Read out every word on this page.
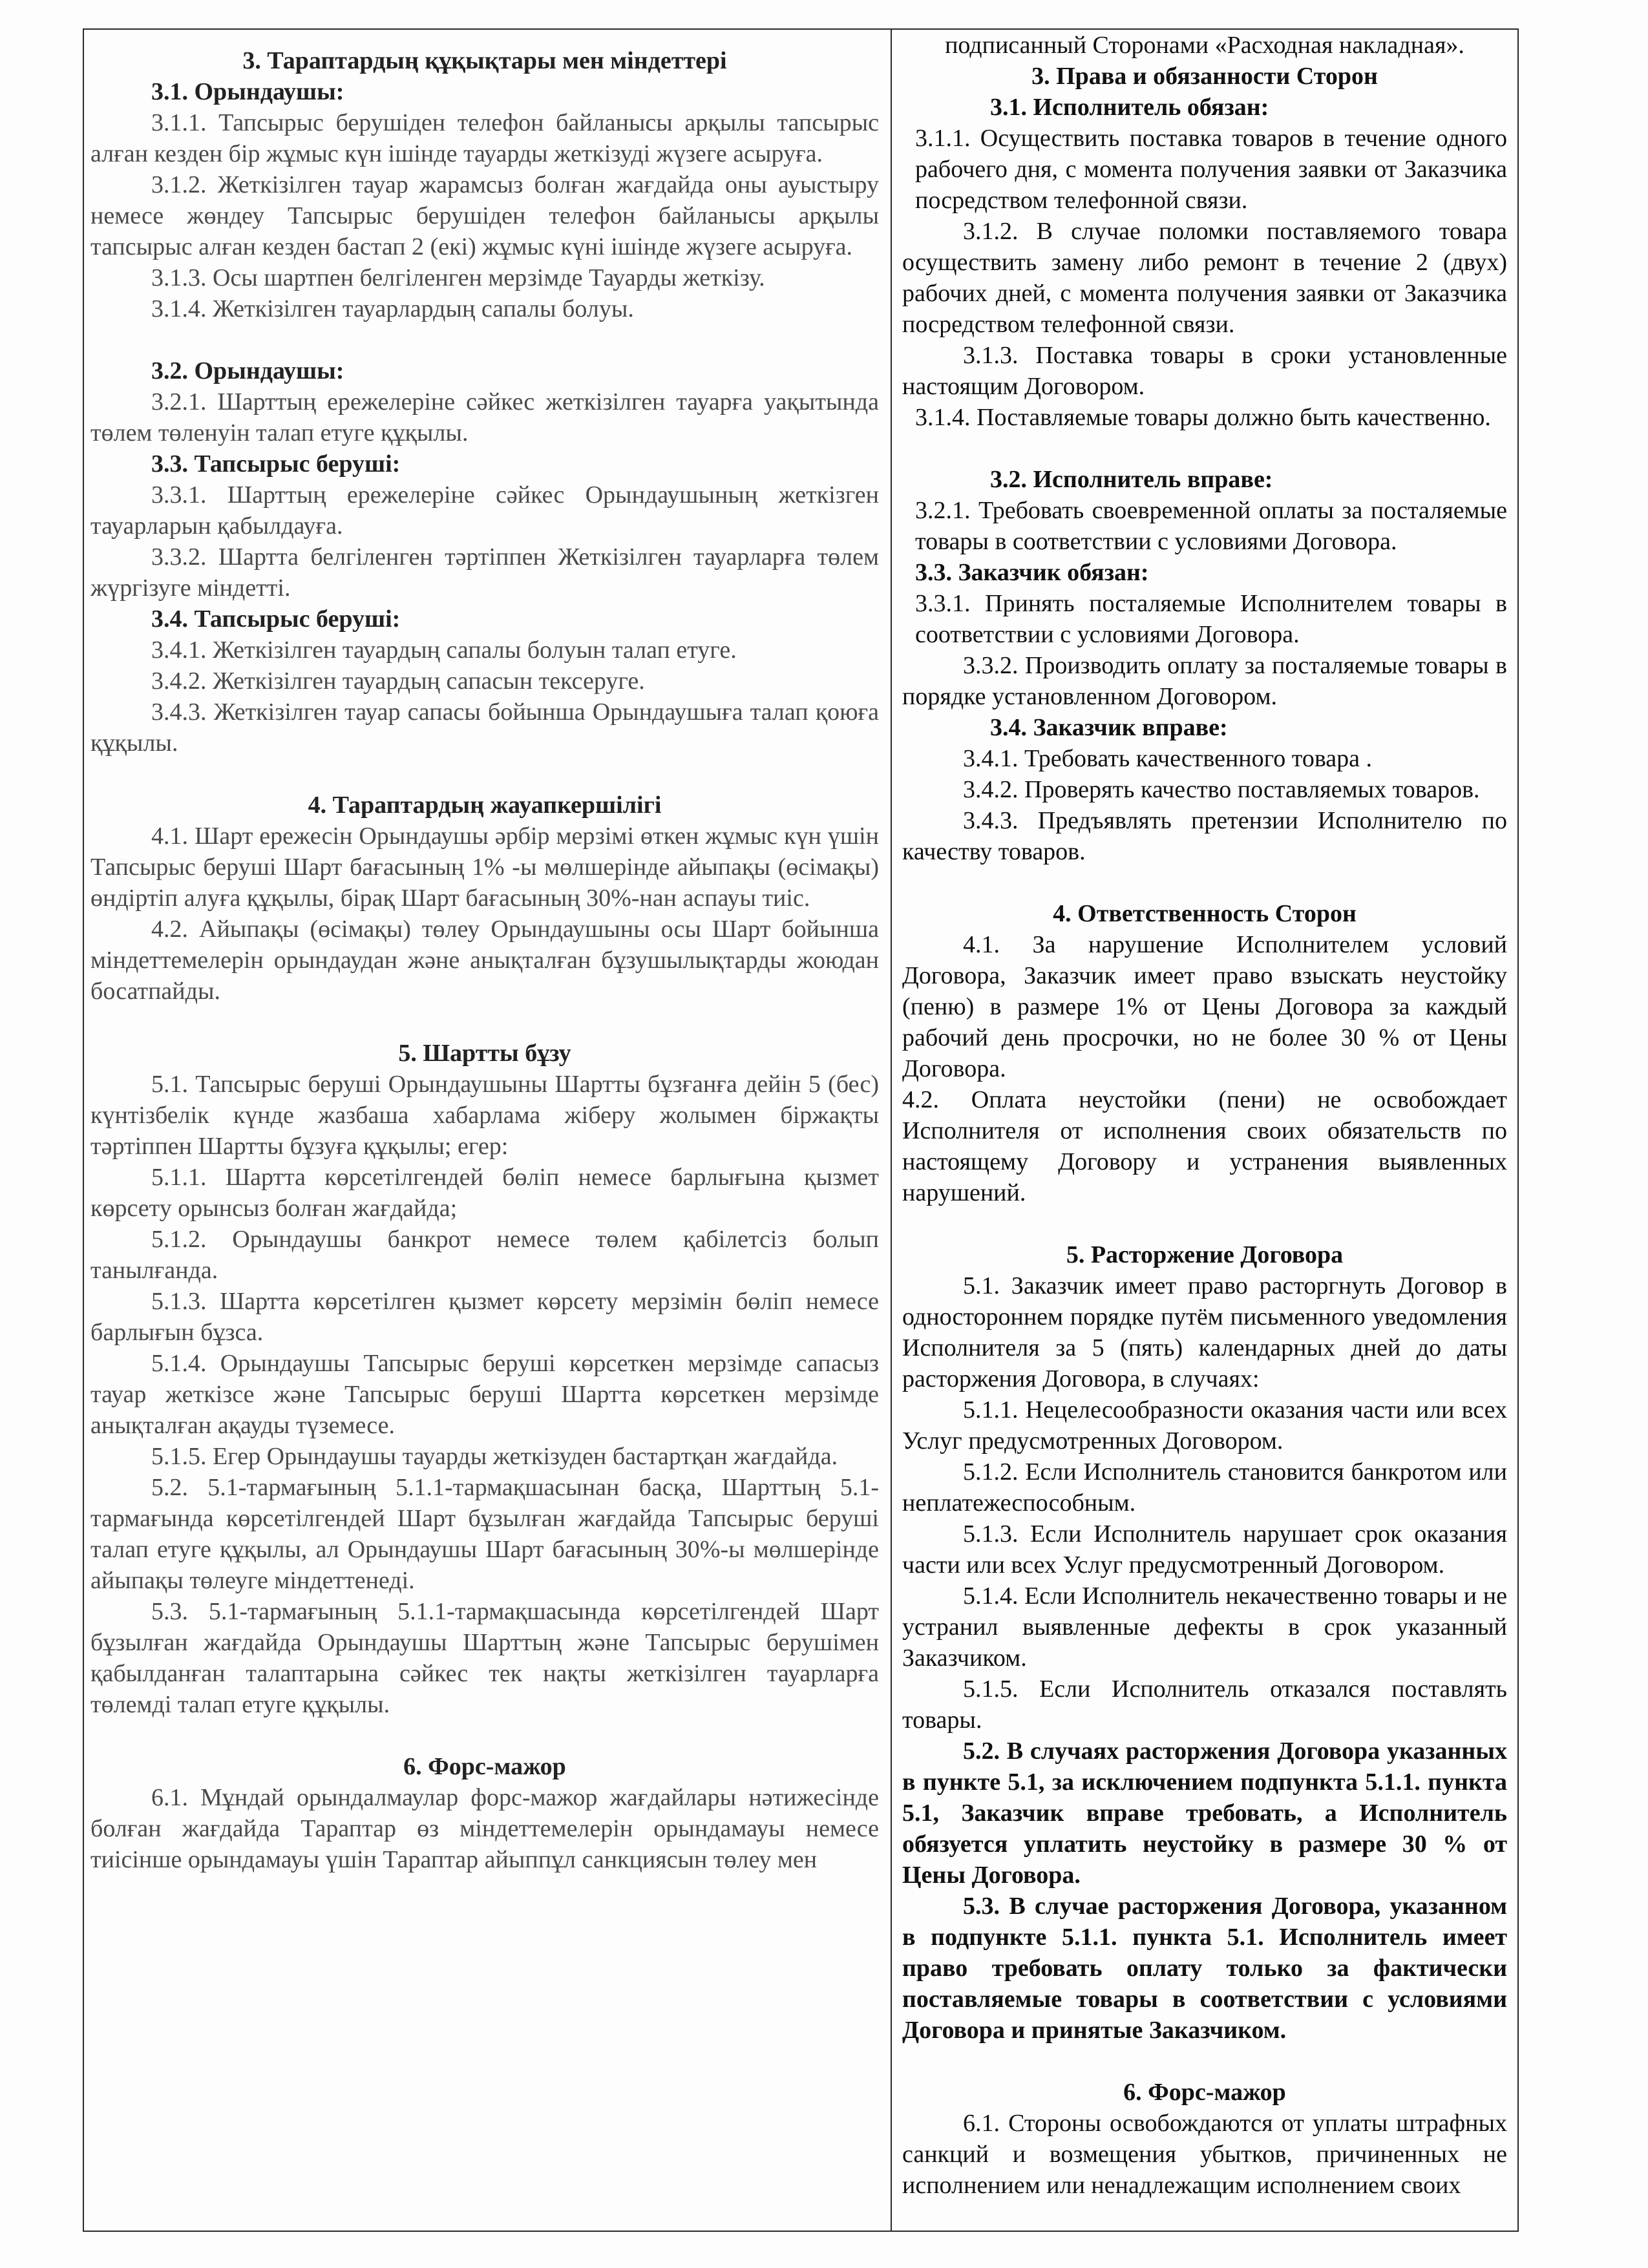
3. Тараптардың құқықтары мен міндеттері

3.1. Орындаушы:

3.1.1. Тапсырыс берушіден телефон байланысы арқылы тапсырыс алған кезден бір жұмыс күн ішінде тауарды жеткізуді жүзеге асыруға.

3.1.2. Жеткізілген тауар жарамсыз болған жағдайда оны ауыстыру немесе жөндеу Тапсырыс берушіден телефон байланысы арқылы тапсырыс алған кезден бастап 2 (екі) жұмыс күні ішінде жүзеге асыруға.

3.1.3. Осы шартпен белгіленген мерзімде Тауарды жеткізу.

3.1.4. Жеткізілген тауарлардың сапалы болуы.

3.2. Орындаушы:

3.2.1. Шарттың ережелеріне сәйкес жеткізілген тауарға уақытында төлем төленуін талап етуге құқылы.

3.3. Тапсырыс беруші:

3.3.1. Шарттың ережелеріне сәйкес Орындаушының жеткізген тауарларын қабылдауға.

3.3.2. Шартта белгіленген тәртіппен Жеткізілген тауарларға төлем жүргізуге міндетті.

3.4. Тапсырыс беруші:

3.4.1. Жеткізілген тауардың сапалы болуын талап етуге.

3.4.2. Жеткізілген тауардың сапасын тексеруге.

3.4.3. Жеткізілген тауар сапасы бойынша Орындаушыға талап қоюға құқылы.

4. Тараптардың жауапкершілігі

4.1. Шарт ережесін Орындаушы әрбір мерзімі өткен жұмыс күн үшін Тапсырыс беруші Шарт бағасының 1% -ы мөлшерінде айыпақы (өсімақы) өндіртіп алуға құқылы, бірақ Шарт бағасының 30%-нан аспауы тиіс.

4.2. Айыпақы (өсімақы) төлеу Орындаушыны осы Шарт бойынша міндеттемелерін орындаудан және анықталған бұзушылықтарды жоюдан босатпайды.

5. Шартты бұзу

5.1. Тапсырыс беруші Орындаушыны Шартты бұзғанға дейін 5 (бес) күнтізбелік күнде жазбаша хабарлама жіберу жолымен біржақты тәртіппен Шартты бұзуға құқылы; егер:

5.1.1. Шартта көрсетілгендей бөліп немесе барлығына қызмет көрсету орынсыз болған жағдайда;

5.1.2. Орындаушы банкрот немесе төлем қабілетсіз болып танылғанда.

5.1.3. Шартта көрсетілген қызмет көрсету мерзімін бөліп немесе барлығын бұзса.

5.1.4. Орындаушы Тапсырыс беруші көрсеткен мерзімде сапасыз тауар жеткізсе және Тапсырыс беруші Шартта көрсеткен мерзімде анықталған ақауды түземесе.

5.1.5. Егер Орындаушы тауарды жеткізуден бастартқан жағдайда.

5.2. 5.1-тармағының 5.1.1-тармақшасынан басқа, Шарттың 5.1-тармағында көрсетілгендей Шарт бұзылған жағдайда Тапсырыс беруші талап етуге құқылы, ал Орындаушы Шарт бағасының 30%-ы мөлшерінде айыпақы төлеуге міндеттенеді.

5.3. 5.1-тармағының 5.1.1-тармақшасында көрсетілгендей Шарт бұзылған жағдайда Орындаушы Шарттың және Тапсырыс берушімен қабылданған талаптарына сәйкес тек нақты жеткізілген тауарларға төлемді талап етуге құқылы.

6. Форс-мажор

6.1. Мұндай орындалмаулар форс-мажор жағдайлары нәтижесінде болған жағдайда Тараптар өз міндеттемелерін орындамауы немесе тиісінше орындамауы үшін Тараптар айыппұл санкциясын төлеу мен

подписанный Сторонами «Расходная накладная».

3. Права и обязанности Сторон

3.1. Исполнитель обязан:

3.1.1. Осуществить поставка товаров в течение одного рабочего дня, с момента получения заявки от Заказчика посредством телефонной связи.

3.1.2. В случае поломки поставляемого товара осуществить замену либо ремонт в течение 2 (двух) рабочих дней, с момента получения заявки от Заказчика посредством телефонной связи.

3.1.3. Поставка товары в сроки установленные настоящим Договором.

3.1.4. Поставляемые товары должно быть качественно.

3.2. Исполнитель вправе:

3.2.1. Требовать своевременной оплаты за посталяемые товары в соответствии с условиями Договора.

3.3. Заказчик обязан:

3.3.1. Принять посталяемые Исполнителем товары в соответствии с условиями Договора.

3.3.2. Производить оплату за посталяемые товары в порядке установленном Договором.

3.4. Заказчик вправе:

3.4.1. Требовать качественного товара .

3.4.2. Проверять качество поставляемых товаров.

3.4.3. Предъявлять претензии Исполнителю по качеству товаров.

4. Ответственность Сторон

4.1. За нарушение Исполнителем условий Договора, Заказчик имеет право взыскать неустойку (пеню) в размере 1% от Цены Договора за каждый рабочий день просрочки, но не более 30 % от Цены Договора.

4.2. Оплата неустойки (пени) не освобождает Исполнителя от исполнения своих обязательств по настоящему Договору и устранения выявленных нарушений.

5. Расторжение Договора

5.1. Заказчик имеет право расторгнуть Договор в одностороннем порядке путём письменного уведомления Исполнителя за 5 (пять) календарных дней до даты расторжения Договора, в случаях:

5.1.1. Нецелесообразности оказания части или всех Услуг предусмотренных Договором.

5.1.2. Если Исполнитель становится банкротом или неплатежеспособным.

5.1.3. Если Исполнитель нарушает срок оказания части или всех Услуг предусмотренный Договором.

5.1.4. Если Исполнитель некачественно товары и не устранил выявленные дефекты в срок указанный Заказчиком.

5.1.5. Если Исполнитель отказался поставлять товары.

5.2. В случаях расторжения Договора указанных в пункте 5.1, за исключением подпункта 5.1.1. пункта 5.1, Заказчик вправе требовать, а Исполнитель обязуется уплатить неустойку в размере 30 % от Цены Договора.

5.3. В случае расторжения Договора, указанном в подпункте 5.1.1. пункта 5.1. Исполнитель имеет право требовать оплату только за фактически поставляемые товары в соответствии с условиями Договора и принятые Заказчиком.

6. Форс-мажор

6.1. Стороны освобождаются от уплаты штрафных санкций и возмещения убытков, причиненных не исполнением или ненадлежащим исполнением своих
